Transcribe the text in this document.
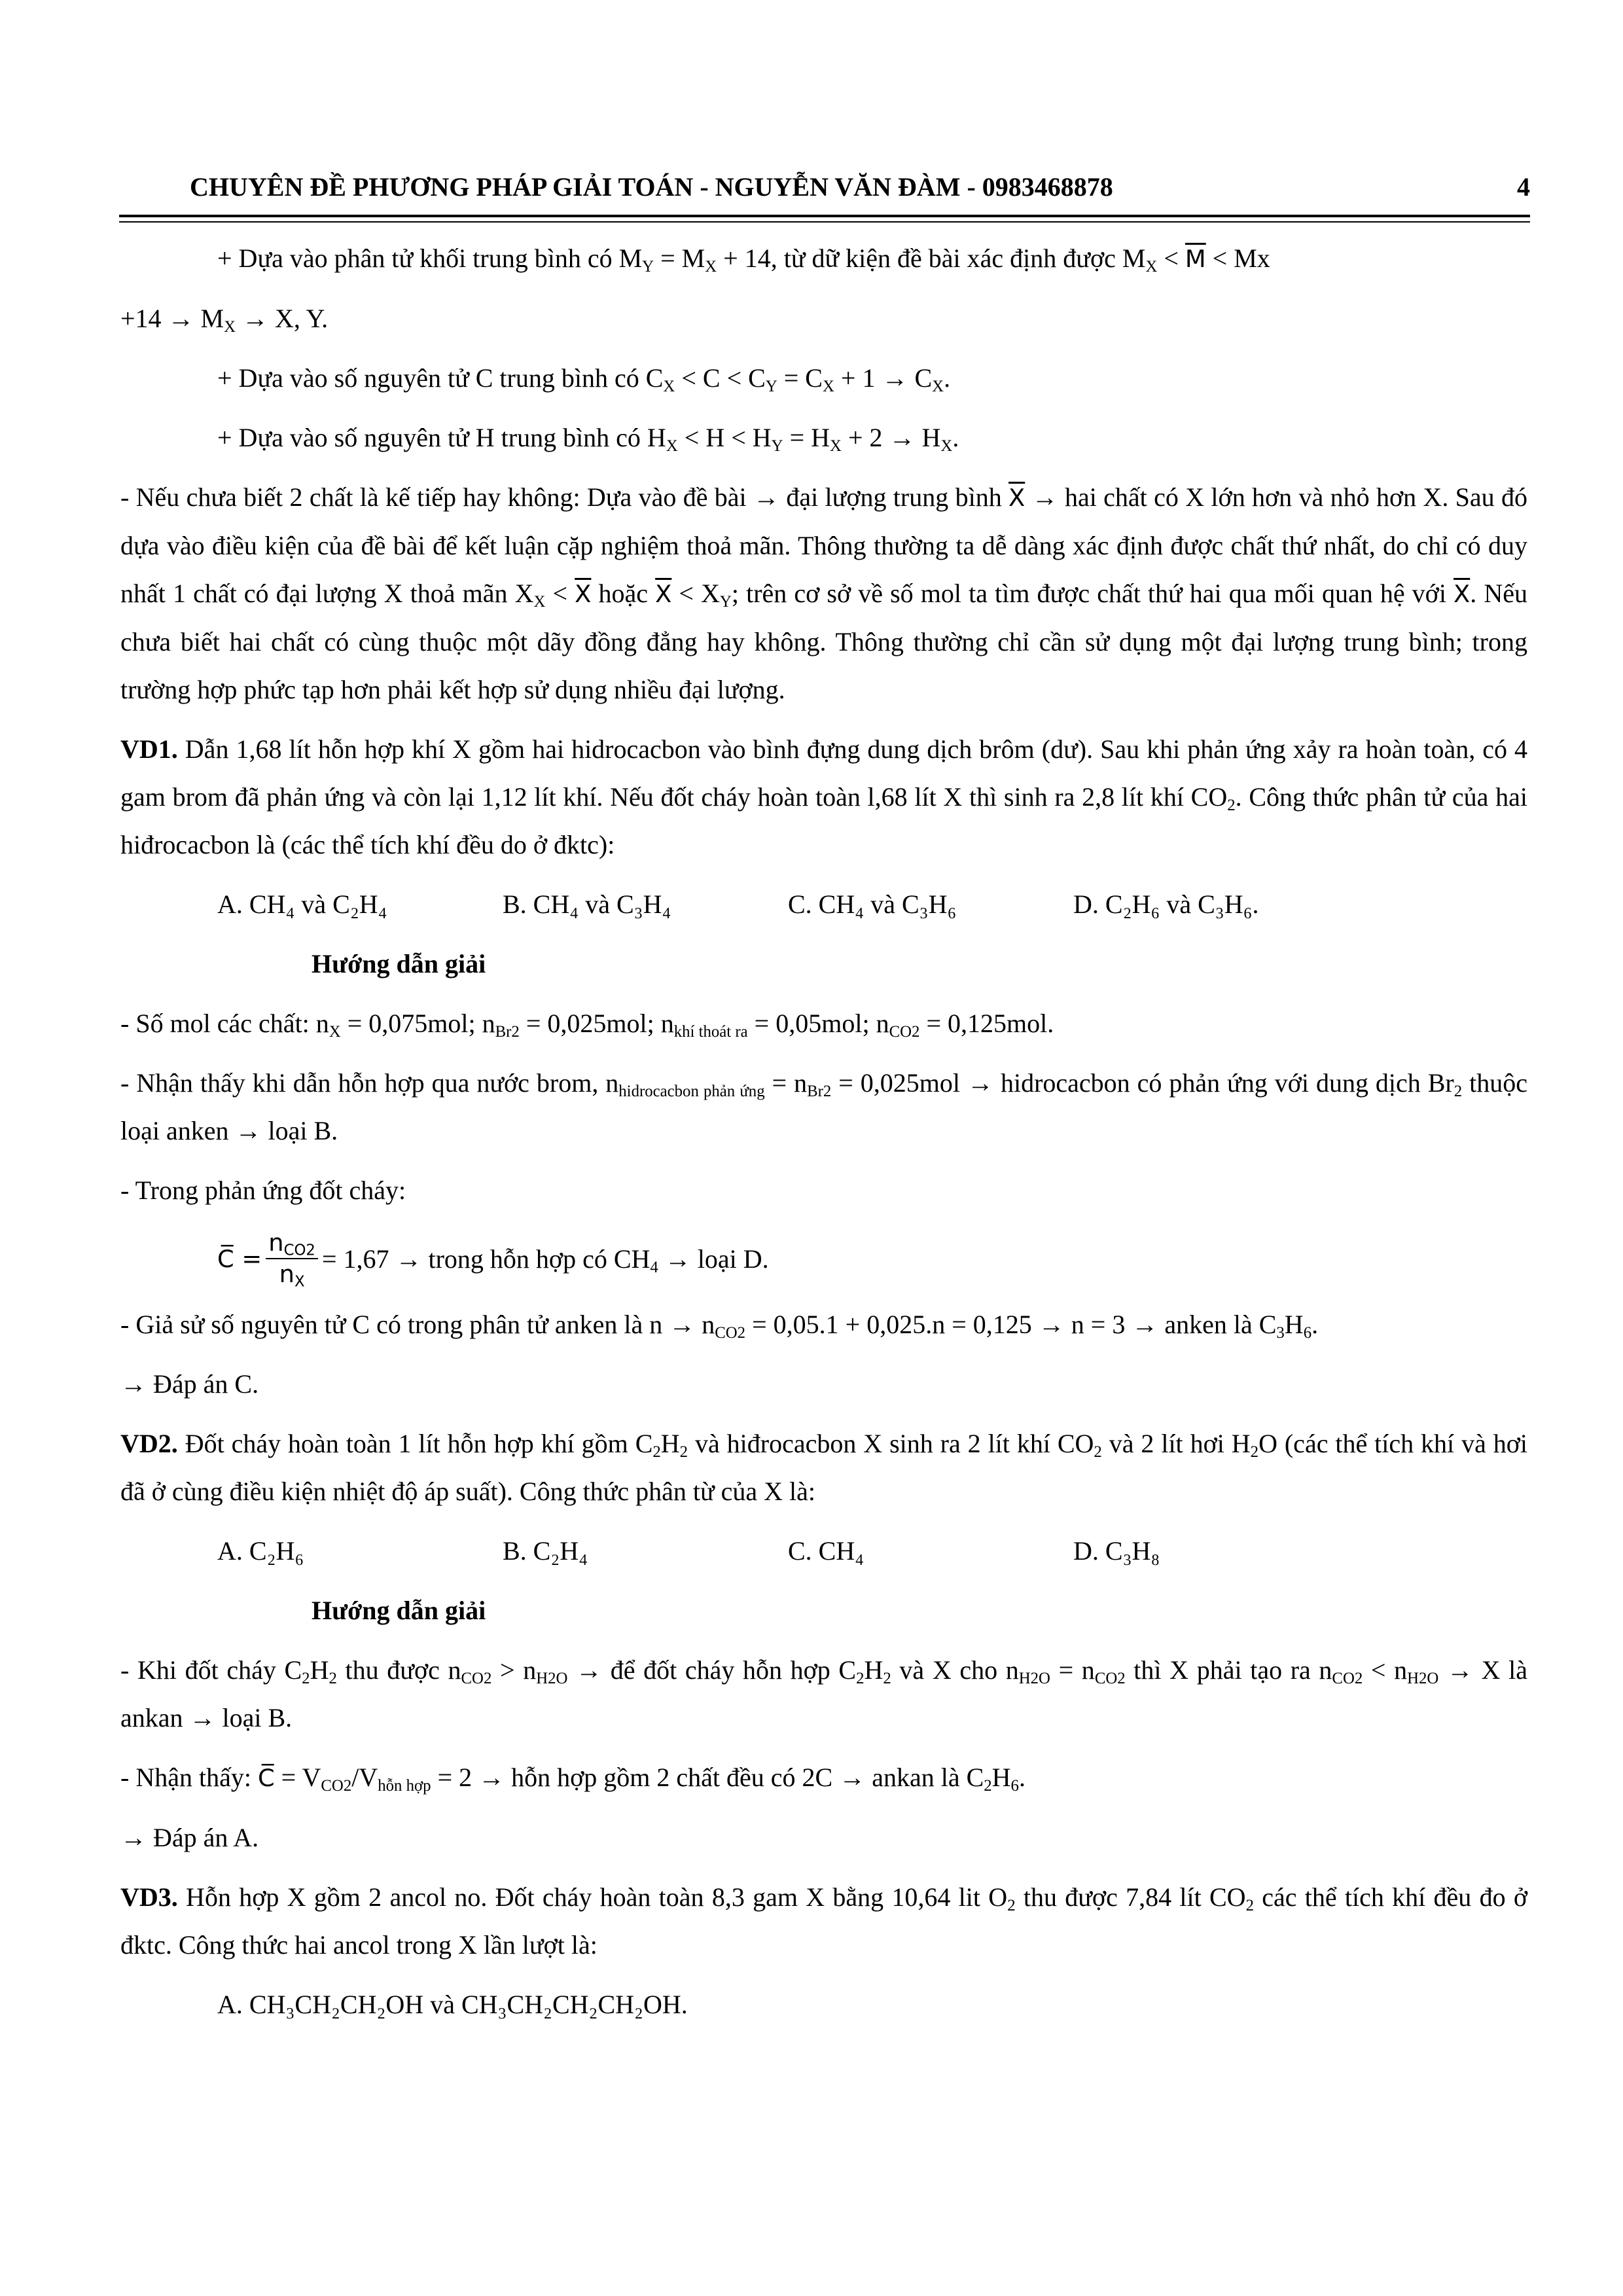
CHUYÊN ĐỀ PHƯƠNG PHÁP GIẢI TOÁN - NGUYỄN VĂN ĐÀM - 0983468878	4

+ Dựa vào phân tử khối trung bình có $M_Y = M_X + 14$, từ dữ kiện đề bài xác định được $M_X < \overline{M} < Mx$

$+14 \to M_X \to X$, Y.

+ Dựa vào số nguyên tử C trung bình có $C_X < C < C_Y = C_X + 1 \to C_X$.

+ Dựa vào số nguyên tử H trung bình có $H_X < H < H_Y = H_X + 2 \to H_X$.

- Nếu chưa biết 2 chất là kế tiếp hay không: Dựa vào đề bài → đại lượng trung bình $\overline{X}$ → hai chất có X lớn hơn và nhỏ hơn X. Sau đó dựa vào điều kiện của đề bài để kết luận cặp nghiệm thoả mãn. Thông thường ta dễ dàng xác định được chất thứ nhất, do chỉ có duy nhất 1 chất có đại lượng X thoả mãn $X_X < \overline{X}$ hoặc $\overline{X} < X_Y$; trên cơ sở về số mol ta tìm được chất thứ hai qua mối quan hệ với $\overline{X}$. Nếu chưa biết hai chất có cùng thuộc một dãy đồng đẳng hay không. Thông thường chỉ cần sử dụng một đại lượng trung bình; trong trường hợp phức tạp hơn phải kết hợp sử dụng nhiều đại lượng.

VD1. Dẫn 1,68 lít hỗn hợp khí X gồm hai hidrocacbon vào bình đựng dung dịch brôm (dư). Sau khi phản ứng xảy ra hoàn toàn, có 4 gam brom đã phản ứng và còn lại 1,12 lít khí. Nếu đốt cháy hoàn toàn l,68 lít X thì sinh ra 2,8 lít khí $CO_2$. Công thức phân tử của hai hiđrocacbon là (các thể tích khí đều do ở đktc):

A. CH₄ và C₂H₄	B. CH₄ và C₃H₄	C. CH₄ và C₃H₆	D. C₂H₆ và C₃H₆.

Hướng dẫn giải

- Số mol các chất: $n_X = 0,075mol$; $n_{Br2} = 0,025mol$; $n_{khí thoát ra} = 0,05mol$; $n_{CO2} = 0,125mol$.

- Nhận thấy khi dẫn hỗn hợp qua nước brom, $n_{hidrocacbon phản ứng} = n_{Br2} = 0,025mol$ → hidrocacbon có phản ứng với dung dịch $Br_2$ thuộc loại anken → loại B.

- Trong phản ứng đốt cháy:

C̅ = $\frac{n_{CO2}}{n_X} = 1,67$ → trong hỗn hợp có $CH_4$ → loại D.

- Giả sử số nguyên tử C có trong phân tử anken là $n \to n_{CO2} = 0,05.1 + 0,025.n = 0,125 \to n = 3$ → anken là $C_3H_6$.

→ Đáp án C.

VD2. Đốt cháy hoàn toàn 1 lít hỗn hợp khí gồm $C_2H_2$ và hiđrocacbon X sinh ra 2 lít khí $CO_2$ và 2 lít hơi $H_2O$ (các thể tích khí và hơi đã ở cùng điều kiện nhiệt độ áp suất). Công thức phân từ của X là:

A. C₂H₆	B. C₂H₄	C. CH₄	D. C₃H₈

Hướng dẫn giải

- Khi đốt cháy $C_2H_2$ thu được $n_{CO2} > n_{H2O}$ → để đốt cháy hỗn hợp $C_2H_2$ và X cho $n_{H2O} = n_{CO2}$ thì X phải tạo ra $n_{CO2} < n_{H2O} \to X$ là ankan → loại B.

- Nhận thấy: C̅ = $V_{CO2}/V_{hỗn hợp} = 2$ → hỗn hợp gồm 2 chất đều có 2C → ankan là $C_2H_6$.

→ Đáp án A.

VD3. Hỗn hợp X gồm 2 ancol no. Đốt cháy hoàn toàn 8,3 gam X bằng 10,64 lit $O_2$ thu được 7,84 lít $CO_2$ các thể tích khí đều đo ở đktc. Công thức hai ancol trong X lần lượt là:

A. CH₃CH₂CH₂OH và CH₃CH₂CH₂CH₂OH.
